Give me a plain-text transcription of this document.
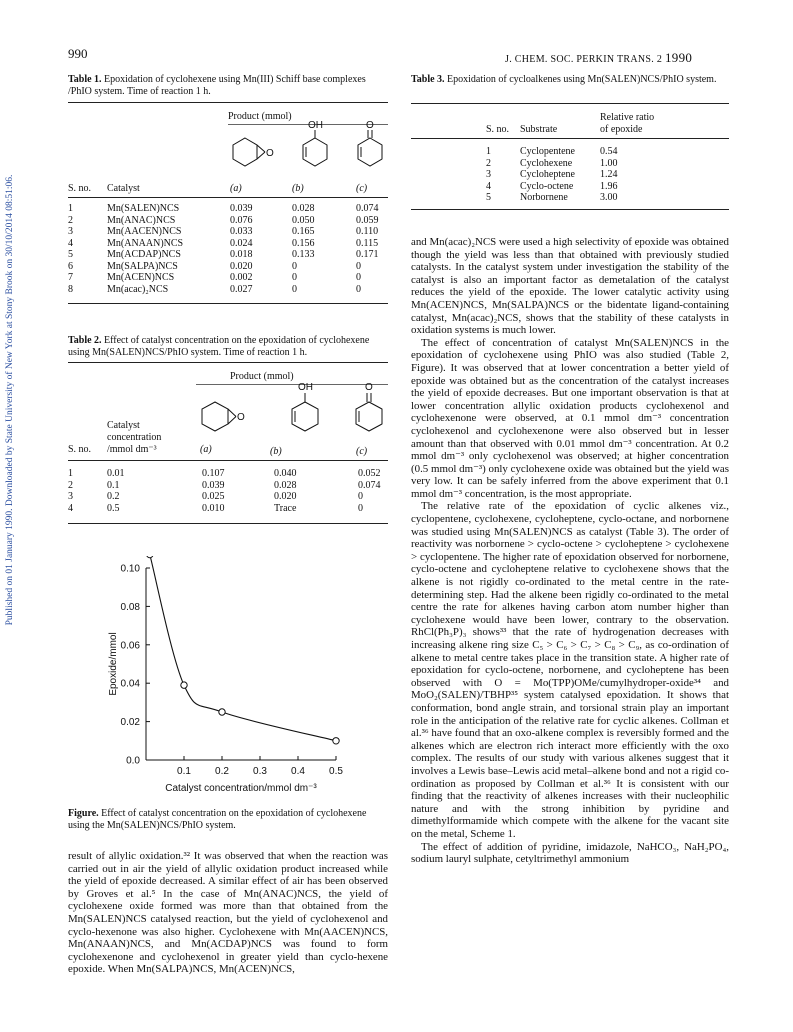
Published on 01 January 1990. Downloaded by State University of New York at Stony Brook on 30/10/2014 08:51:06.
990	J. CHEM. SOC. PERKIN TRANS. 2 1990
Table 1. Epoxidation of cyclohexene using Mn(III) Schiff base complexes /PhIO system. Time of reaction 1 h.
Product (mmol)
O
OH	O
S. no. Catalyst	(a)	(b)	(c)
1	Mn(SALEN)NCS	0.039	0.028	0.074
2	Mn(ANAC)NCS	0.076	0.050	0.059
3	Mn(AACEN)NCS	0.033	0.165	0.110
4	Mn(ANAAN)NCS	0.024	0.156	0.115
5	Mn(ACDAP)NCS	0.018	0.133	0.171
6	Mn(SALPA)NCS	0.020	0	0
7	Mn(ACEN)NCS	0.002	0	0
8	Mn(acac)₂NCS	0.027	0	0
Table 2. Effect of catalyst concentration on the epoxidation of cyclohexene using Mn(SALEN)NCS/PhIO system. Time of reaction 1 h.
Product (mmol)
O
OH	O
Catalyst
concentration
S. no. /mmol dm⁻³	(a)	(b)	(c)
1	0.01	0.107	0.040	0.052
2	0.1	0.039	0.028	0.074
3	0.2	0.025	0.020	0
4	0.5	0.010	Trace	0
0.0
0.02
0.04
0.06
0.08
0.10
0.1 0.2 0.3 0.4 0.5
Epoxide/mmol
Catalyst concentration/mmol dm⁻³
Figure. Effect of catalyst concentration on the epoxidation of cyclohexene using the Mn(SALEN)NCS/PhIO system.

result of allylic oxidation.³² It was observed that when the reaction was carried out in air the yield of allylic oxidation product increased while the yield of epoxide decreased. A similar effect of air has been observed by Groves et al.⁵ In the case of Mn(ANAC)NCS, the yield of cyclohexene oxide formed was more than that obtained from the Mn(SALEN)NCS catalysed reaction, but the yield of cyclohexenol and cyclo-hexenone was also higher. Cyclohexene with Mn(AACEN)NCS, Mn(ANAAN)NCS, and Mn(ACDAP)NCS was found to form cyclohexenone and cyclohexenol in greater yield than cyclo-hexene epoxide. When Mn(SALPA)NCS, Mn(ACEN)NCS,

Table 3. Epoxidation of cycloalkenes using Mn(SALEN)NCS/PhIO system.
Relative ratio
S. no. Substrate	of epoxide
1	Cyclopentene	0.54
2	Cyclohexene	1.00
3	Cycloheptene	1.24
4	Cyclo-octene	1.96
5	Norbornene	3.00

and Mn(acac)₂NCS were used a high selectivity of epoxide was obtained though the yield was less than that obtained with previously studied catalysts. In the catalyst system under investigation the stability of the catalyst is also an important factor as demetalation of the catalyst reduces the yield of the epoxide. The lower catalytic activity using Mn(ACEN)NCS, Mn(SALPA)NCS or the bidentate ligand-containing catalyst, Mn(acac)₂NCS, shows that the stability of these catalysts in oxidation systems is much lower.

The effect of concentration of catalyst Mn(SALEN)NCS in the epoxidation of cyclohexene using PhIO was also studied (Table 2, Figure). It was observed that at lower concentration a better yield of epoxide was obtained but as the concentration of the catalyst increases the yield of epoxide decreases. But one important observation is that at lower concentration allylic oxidation products cyclohexenol and cyclohexenone were observed, at 0.1 mmol dm⁻³ concentration cyclohexenol and cyclohexenone were also observed but in lesser amount than that observed with 0.01 mmol dm⁻³ concentration. At 0.2 mmol dm⁻³ only cyclohexenol was observed; at higher concentration (0.5 mmol dm⁻³) only cyclohexene oxide was obtained but the yield was very low. It can be safely inferred from the above experiment that 0.1 mmol dm⁻³ concentration, is the most appropriate.

The relative rate of the epoxidation of cyclic alkenes viz., cyclopentene, cyclohexene, cycloheptene, cyclo-octane, and norbornene was studied using Mn(SALEN)NCS as catalyst (Table 3). The order of reactivity was norbornene > cyclo-octene > cycloheptene > cyclohexene > cyclopentene. The higher rate of epoxidation observed for norbornene, cyclo-octene and cycloheptene relative to cyclohexene shows that the alkene is not rigidly co-ordinated to the metal centre in the rate-determining step. Had the alkene been rigidly co-ordinated to the metal centre the rate for alkenes having carbon atom number higher than cyclohexene would have been lower, contrary to the observation. RhCl(Ph₃P)₃ shows³³ that the rate of hydrogenation decreases with increasing alkene ring size C₅ > C₆ > C₇ > C₈ > C₉, as co-ordination of alkene to metal centre takes place in the transition state. A higher rate of epoxidation for cyclo-octene, norbornene, and cycloheptene has been observed with O = Mo(TPP)OMe/cumylhydroper-oxide³⁴ and MoO₂(SALEN)/TBHP³⁵ system catalysed epoxidation. It shows that conformation, bond angle strain, and torsional strain play an important role in the anticipation of the relative rate for cyclic alkenes. Collman et al.³⁶ have found that an oxo-alkene complex is reversibly formed and the alkenes which are electron rich interact more efficiently with the oxo complex. The results of our study with various alkenes suggest that it involves a Lewis base–Lewis acid metal–alkene bond and not a rigid co-ordination as proposed by Collman et al.³⁶ It is consistent with our finding that the reactivity of alkenes increases with their nucleophilic nature and with the strong inhibition by pyridine and dimethylformamide which compete with the alkene for the vacant site on the metal, Scheme 1.

The effect of addition of pyridine, imidazole, NaHCO₃, NaH₂PO₄, sodium lauryl sulphate, cetyltrimethyl ammonium
